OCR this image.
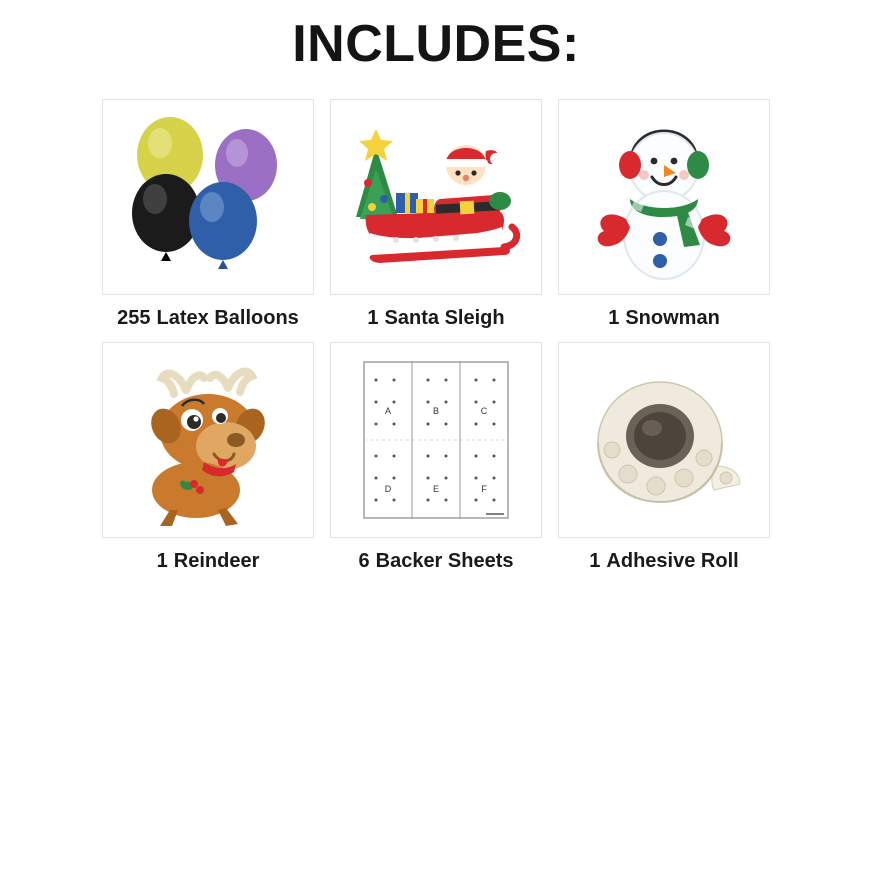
INCLUDES:
255 Latex Balloons	1 Santa Sleigh	1 Snowman
1 Reindeer
A	B	C
D	E	F
6 Backer Sheets	1 Adhesive Roll
